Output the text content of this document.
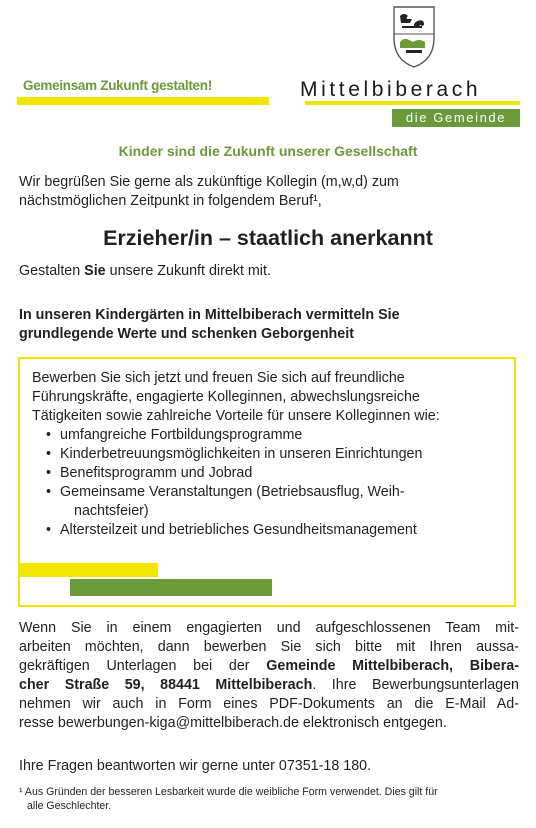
Gemeinsam Zukunft gestalten!	Mittelbiberach
die Gemeinde
Kinder sind die Zukunft unserer Gesellschaft
Wir begrüßen Sie gerne als zukünftige Kollegin (m,w,d) zum
nächstmöglichen Zeitpunkt in folgendem Beruf¹,
Erzieher/in – staatlich anerkannt
Gestalten Sie unsere Zukunft direkt mit.
In unseren Kindergärten in Mittelbiberach vermitteln Sie
grundlegende Werte und schenken Geborgenheit
Bewerben Sie sich jetzt und freuen Sie sich auf freundliche
Führungskräfte, engagierte Kolleginnen, abwechslungsreiche
Tätigkeiten sowie zahlreiche Vorteile für unsere Kolleginnen wie:
• umfangreiche Fortbildungsprogramme
• Kinderbetreuungsmöglichkeiten in unseren Einrichtungen
• Benefitsprogramm und Jobrad
• Gemeinsame Veranstaltungen (Betriebsausflug, Weih-
nachtsfeier)
• Altersteilzeit und betriebliches Gesundheitsmanagement
Wenn Sie in einem engagierten und aufgeschlossenen Team mit-
arbeiten möchten, dann bewerben Sie sich bitte mit Ihren aussa-
gekräftigen Unterlagen bei der Gemeinde Mittelbiberach, Bibera-
cher Straße 59, 88441 Mittelbiberach. Ihre Bewerbungsunterlagen
nehmen wir auch in Form eines PDF-Dokuments an die E-Mail Ad-
resse bewerbungen-kiga@mittelbiberach.de elektronisch entgegen.
Ihre Fragen beantworten wir gerne unter 07351-18 180.
¹ Aus Gründen der besseren Lesbarkeit wurde die weibliche Form verwendet. Dies gilt für
alle Geschlechter.
